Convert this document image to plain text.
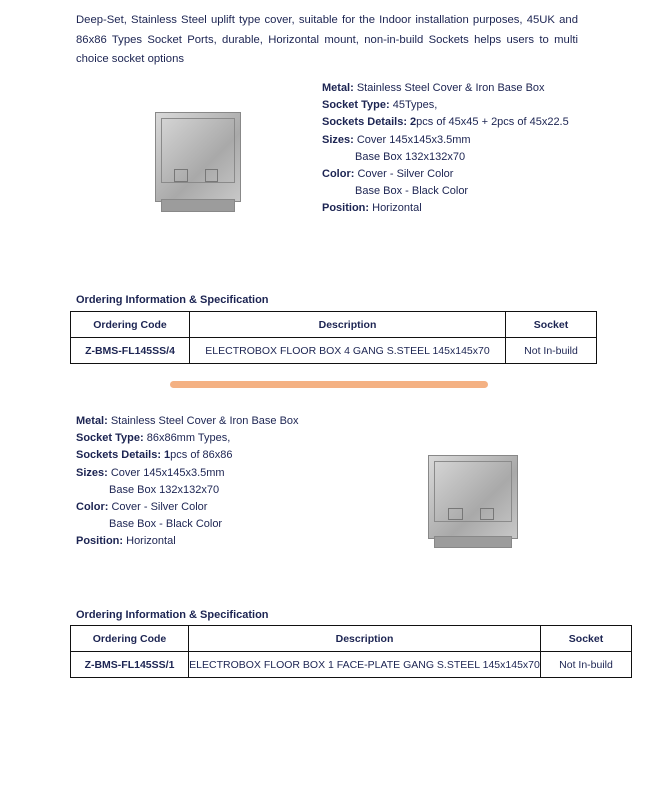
Deep-Set, Stainless Steel uplift type cover, suitable for the Indoor installation purposes, 45UK and 86x86 Types Socket Ports, durable, Horizontal mount, non-in-build Sockets helps users to multi choice socket options
Metal: Stainless Steel Cover & Iron Base Box
Socket Type: 45Types,
Sockets Details: 2pcs of 45x45 + 2pcs of 45x22.5
Sizes: Cover 145x145x3.5mm
Base Box 132x132x70
Color: Cover - Silver Color
Base Box - Black Color
Position: Horizontal
Ordering Information & Specification
Ordering Code	Description	Socket
Z-BMS-FL145SS/4	ELECTROBOX FLOOR BOX 4 GANG S.STEEL 145x145x70	Not In-build
Metal: Stainless Steel Cover & Iron Base Box
Socket Type: 86x86mm Types,
Sockets Details: 1pcs of 86x86
Sizes: Cover 145x145x3.5mm
Base Box 132x132x70
Color: Cover - Silver Color
Base Box - Black Color
Position: Horizontal
Ordering Information & Specification
Ordering Code	Description	Socket
Z-BMS-FL145SS/1	ELECTROBOX FLOOR BOX 1 FACE-PLATE GANG S.STEEL 145x145x70	Not In-build
